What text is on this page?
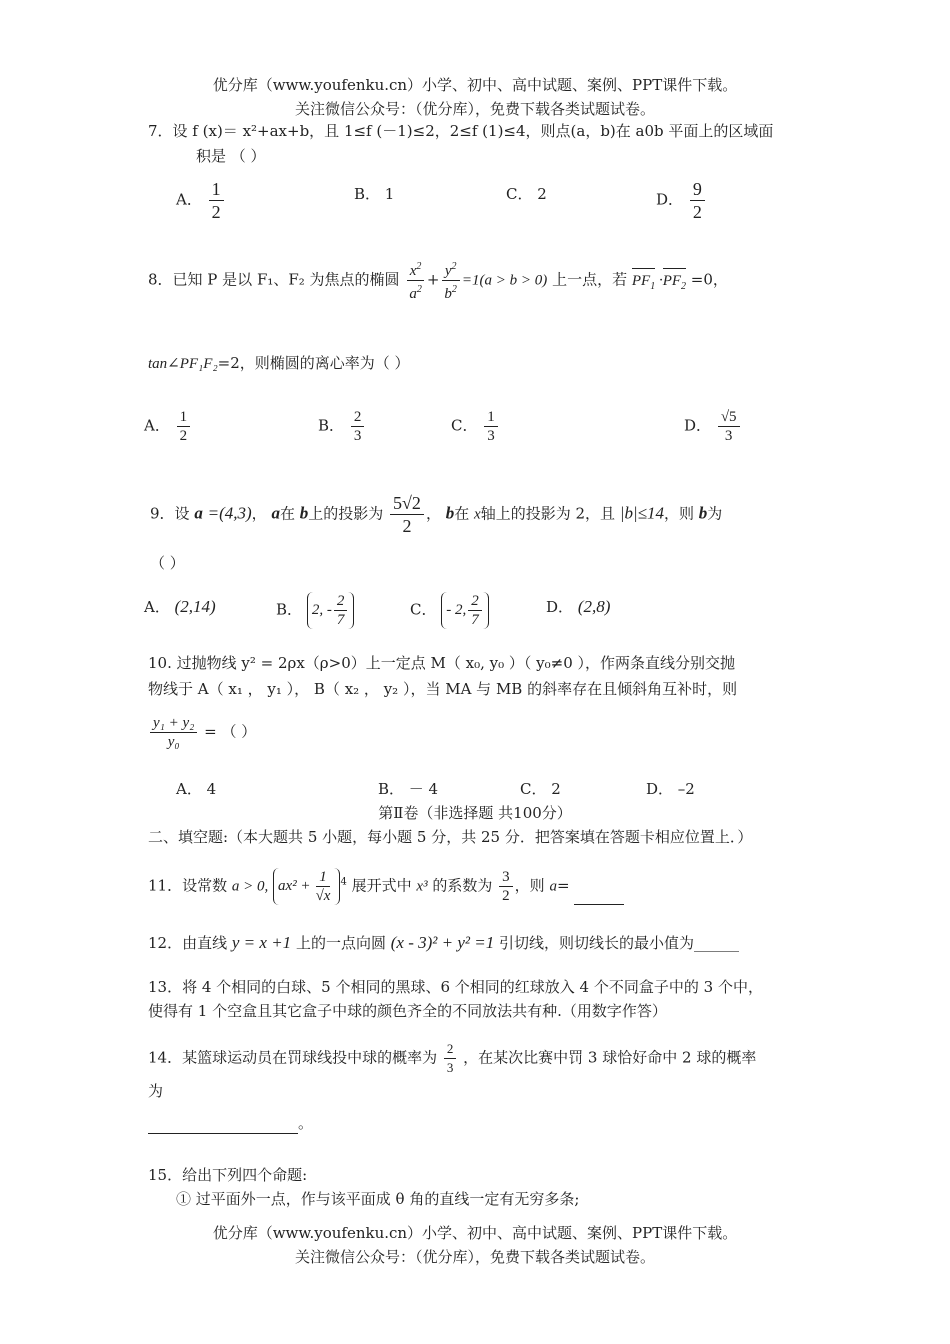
优分库（www.youfenku.cn）小学、初中、高中试题、案例、PPT课件下载。
关注微信公众号：（优分库），免费下载各类试题试卷。
7．设 f (x)＝ x²+ax+b，且 1≤f (－1)≤2，2≤f (1)≤4，则点(a，b)在 a0b 平面上的区域面
积是 （ ）
A． $\frac{1}{2}$	B． 1	C． 2	D． $\frac{9}{2}$
8．已知 P 是以 F₁、F₂ 为焦点的椭圆 $\frac{x^2}{a^2} + \frac{y^2}{b^2} =1(a > b > 0)$ 上一点，若 $PF_1 \cdot PF_2 =0$，
tan∠PF₁F₂=2，则椭圆的离心率为（ ）
A． $\frac{1}{2}$	B． $\frac{2}{3}$	C． $\frac{1}{3}$	D． $\frac{√5}{3}$
9．设 a =(4,3)， a在 b上的投影为 $\frac{5√2}{2}$ ， b在 x轴上的投影为 2，且 |b|≤14，则 b为
（ ）
A． (2,14)	B． 2, - $\frac{2}{7}$	C． - 2, $\frac{2}{7}$	D． (2,8)
10. 过抛物线 y² = 2ρx（ρ>0）上一定点 M（ x₀, y₀ ）（ y₀≠0 ），作两条直线分别交抛
物线于 A（ x₁ ， y₁ ）， B（ x₂ ， y₂ ），当 MA 与 MB 的斜率存在且倾斜角互补时，则
$\frac{\text{y₁ + y₂}}{\text{y₀}}$ = （ ）
A． 4	B． － 4	C． 2	D． –2
第Ⅱ卷（非选择题 共100分）
二、填空题:（本大题共 5 小题，每小题 5 分，共 25 分．把答案填在答题卡相应位置上．）
11．设常数 a > 0, $ax^2 + \frac{1}{√x} ^4$ 展开式中 x³ 的系数为 $\frac{3}{2}$ ，则 a=
12．由直线 y = x +1 上的一点向圆 (x - 3)² + y² =1 引切线，则切线长的最小值为______
13．将 4 个相同的白球、5 个相同的黑球、6 个相同的红球放入 4 个不同盒子中的 3 个中，
使得有 1 个空盒且其它盒子中球的颜色齐全的不同放法共有种.（用数字作答）
14．某篮球运动员在罚球线投中球的概率为 $\frac{2}{3}$ ，在某次比赛中罚 3 球恰好命中 2 球的概率
为
。
15．给出下列四个命题:
① 过平面外一点，作与该平面成 θ 角的直线一定有无穷多条;
优分库（www.youfenku.cn）小学、初中、高中试题、案例、PPT课件下载。
关注微信公众号：（优分库），免费下载各类试题试卷。
